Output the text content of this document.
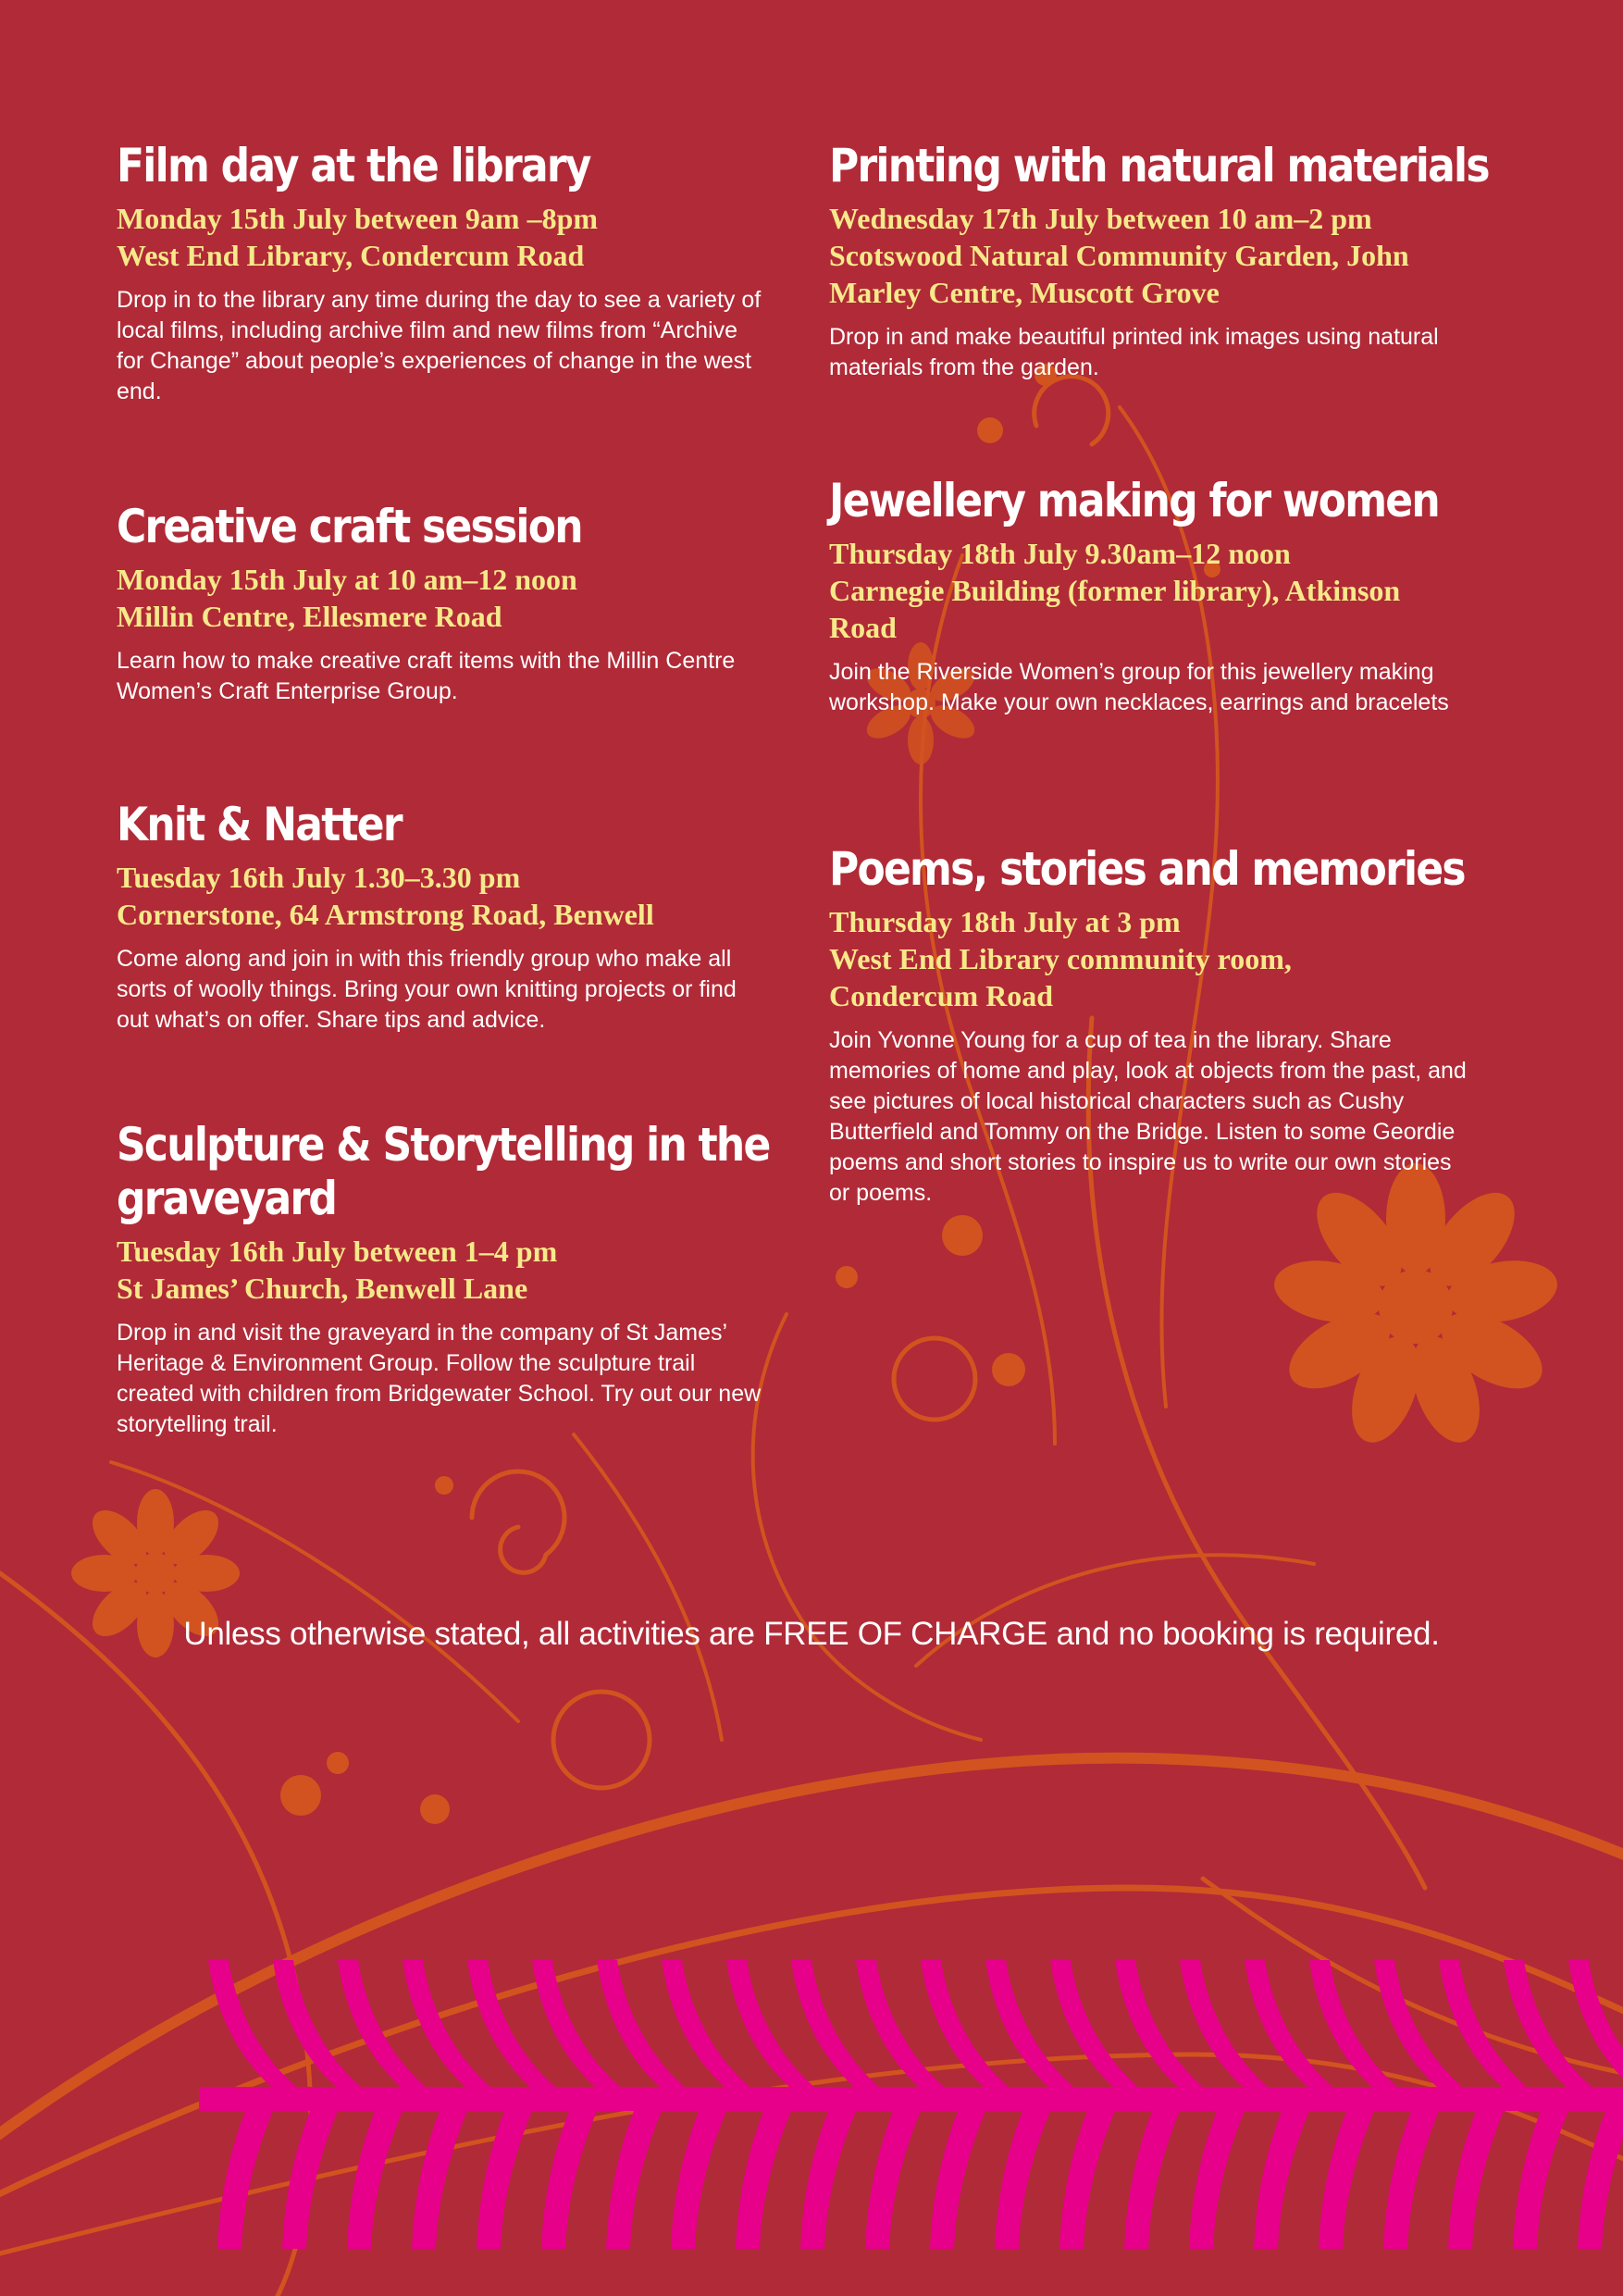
Film day at the library

Monday 15th July between 9am –8pm

West End Library, Condercum Road

Drop in to the library any time during the day to see a variety of local films, including archive film and new films from “Archive for Change” about people’s experiences of change in the west end.

Creative craft session

Monday 15th July at 10 am–12 noon

Millin Centre, Ellesmere Road

Learn how to make creative craft items with the Millin Centre Women’s Craft Enterprise Group.

Knit & Natter

Tuesday 16th July 1.30–3.30 pm

Cornerstone, 64 Armstrong Road, Benwell

Come along and join in with this friendly group who make all sorts of woolly things. Bring your own knitting projects or find out what’s on offer. Share tips and advice.

Sculpture & Storytelling in the graveyard

Tuesday 16th July between 1–4 pm

St James’ Church, Benwell Lane

Drop in and visit the graveyard in the company of St James’ Heritage & Environment Group. Follow the sculpture trail created with children from Bridgewater School. Try out our new storytelling trail.

Printing with natural materials

Wednesday 17th July between 10 am–2 pm

Scotswood Natural Community Garden, John Marley Centre, Muscott Grove

Drop in and make beautiful printed ink images using natural materials from the garden.

Jewellery making for women

Thursday 18th July 9.30am–12 noon

Carnegie Building (former library), Atkinson Road

Join the Riverside Women’s group for this jewellery making workshop. Make your own necklaces, earrings and bracelets

Poems, stories and memories

Thursday 18th July at 3 pm

West End Library community room, Condercum Road

Join Yvonne Young for a cup of tea in the library. Share memories of home and play, look at objects from the past, and see pictures of local historical characters such as Cushy Butterfield and Tommy on the Bridge. Listen to some Geordie poems and short stories to inspire us to write our own stories or poems.

Unless otherwise stated, all activities are FREE OF CHARGE and no booking is required.
